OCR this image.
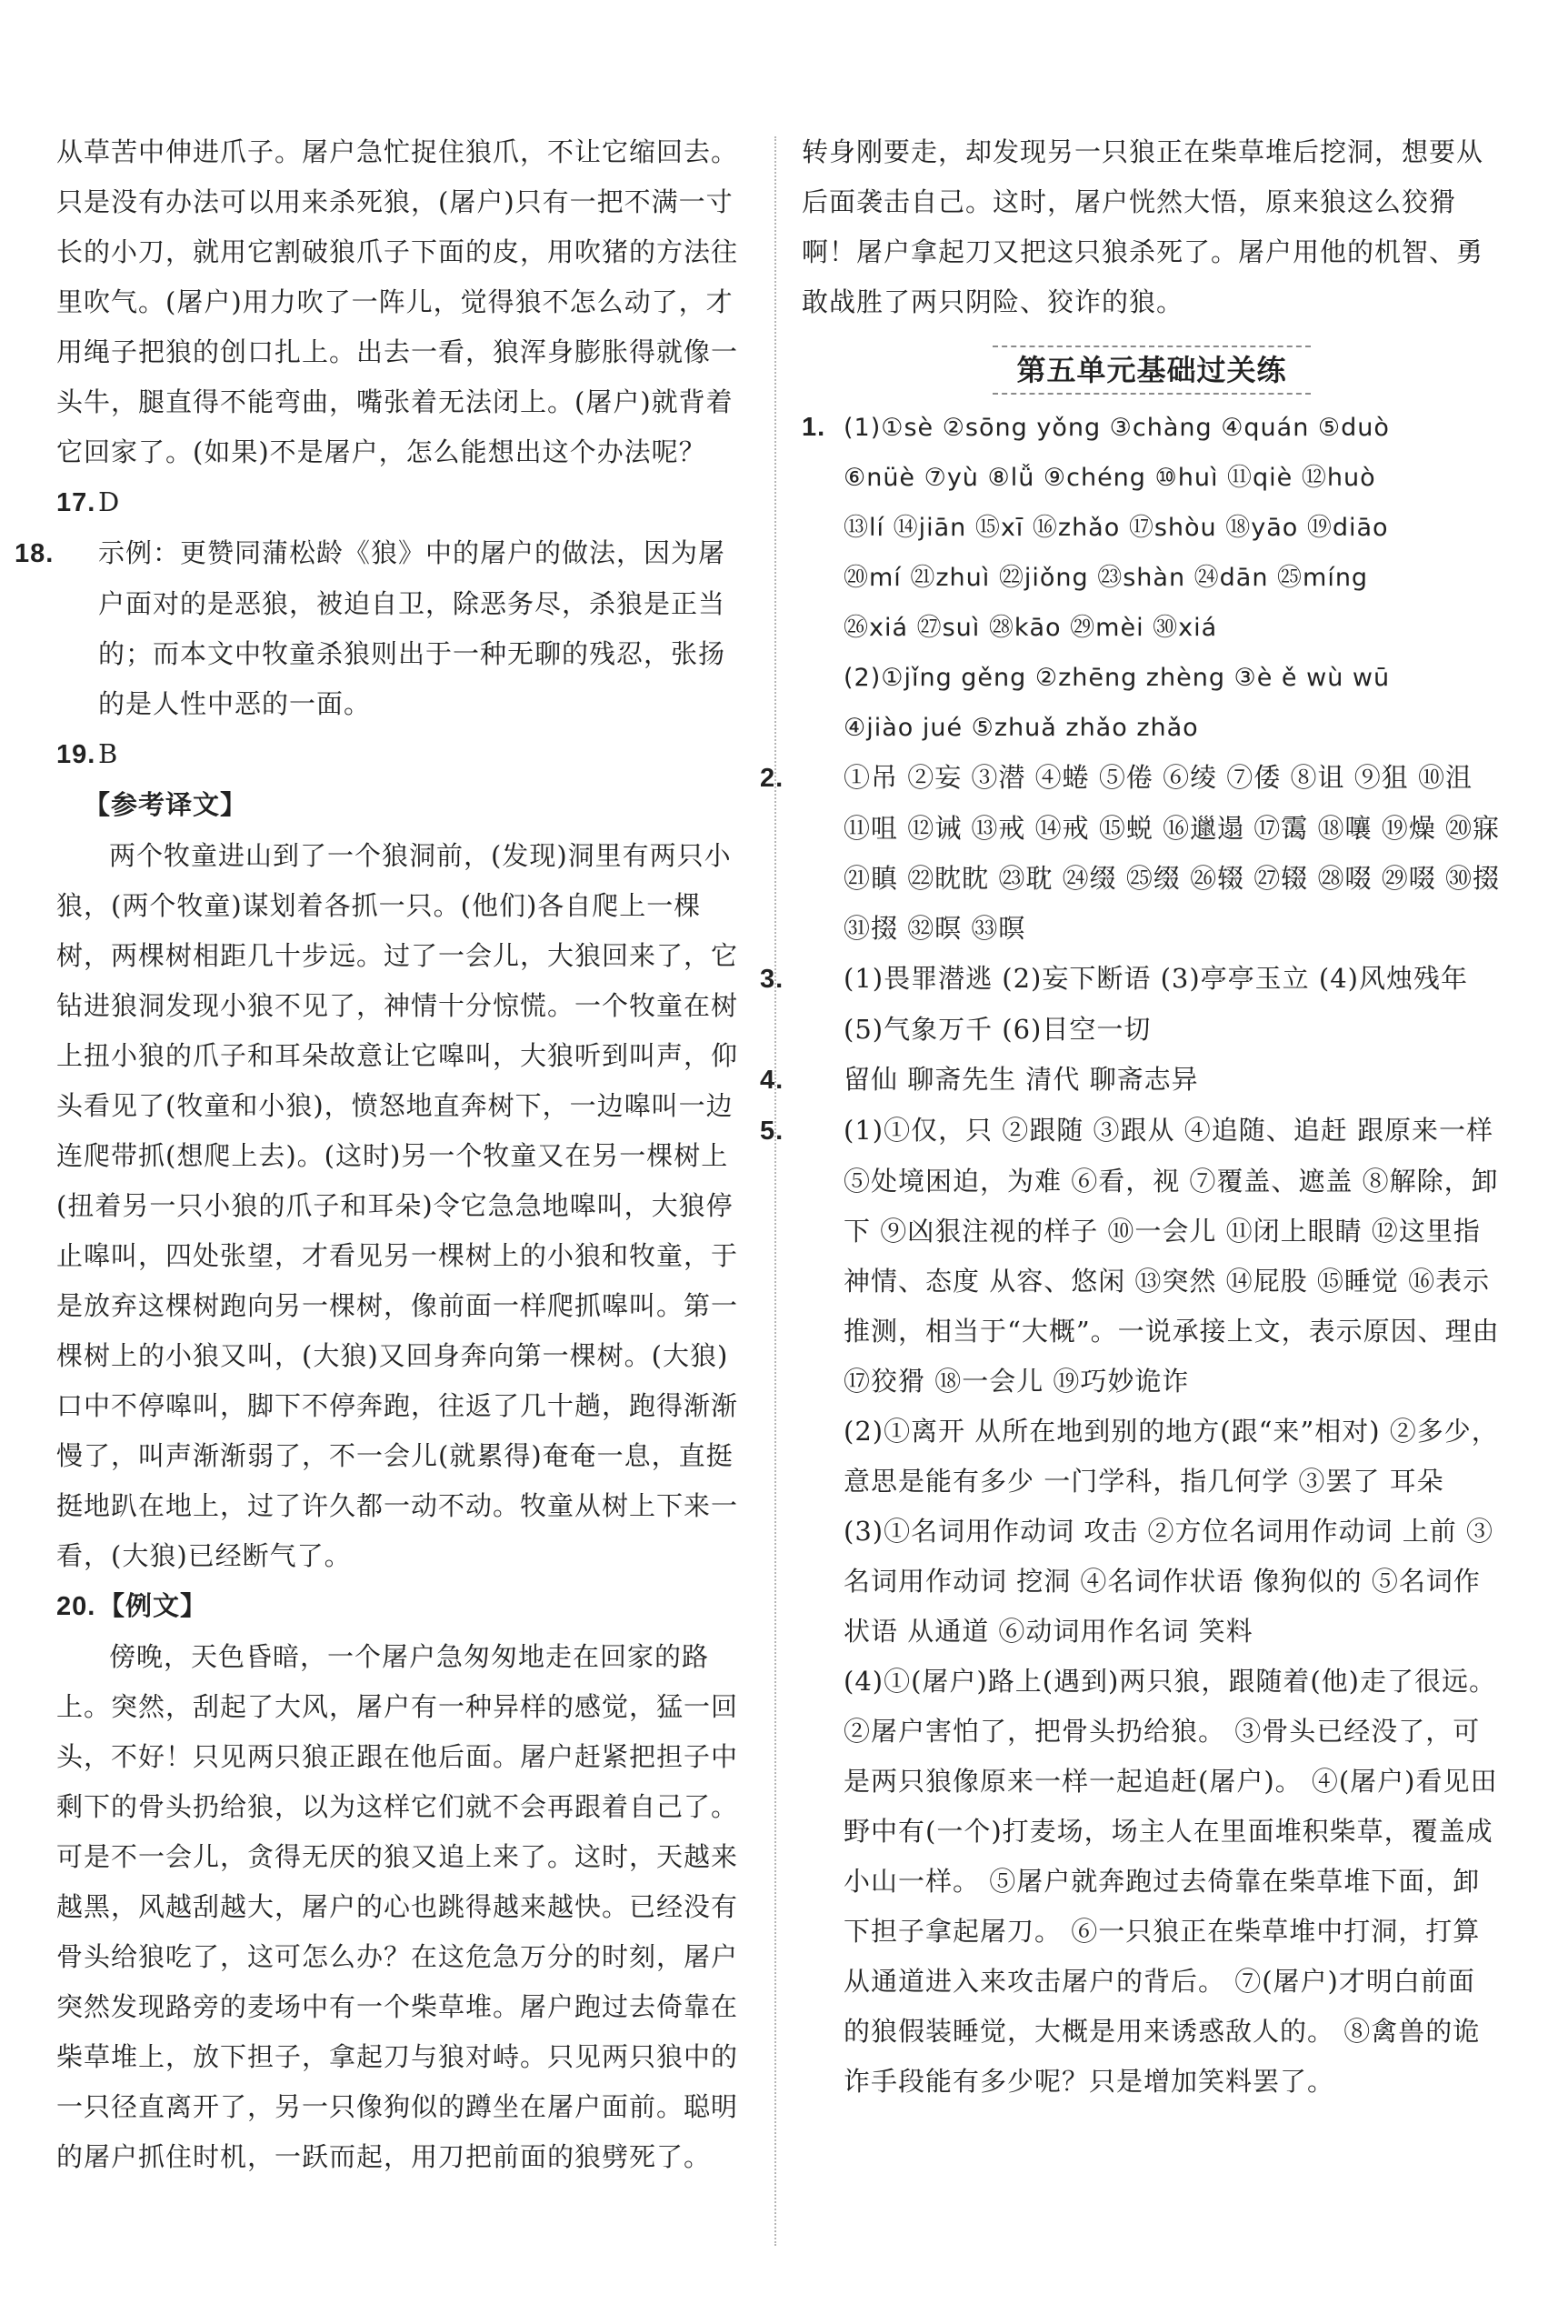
从草苦中伸进爪子。屠户急忙捉住狼爪，不让它缩回去。只是没有办法可以用来杀死狼，(屠户)只有一把不满一寸长的小刀，就用它割破狼爪子下面的皮，用吹猪的方法往里吹气。(屠户)用力吹了一阵儿，觉得狼不怎么动了，才用绳子把狼的创口扎上。出去一看，狼浑身膨胀得就像一头牛，腿直得不能弯曲，嘴张着无法闭上。(屠户)就背着它回家了。(如果)不是屠户，怎么能想出这个办法呢？

17.D

18. 示例：更赞同蒲松龄《狼》中的屠户的做法，因为屠户面对的是恶狼，被迫自卫，除恶务尽，杀狼是正当的；而本文中牧童杀狼则出于一种无聊的残忍，张扬的是人性中恶的一面。

19.B

【参考译文】

两个牧童进山到了一个狼洞前，(发现)洞里有两只小狼，(两个牧童)谋划着各抓一只。(他们)各自爬上一棵树，两棵树相距几十步远。过了一会儿，大狼回来了，它钻进狼洞发现小狼不见了，神情十分惊慌。一个牧童在树上扭小狼的爪子和耳朵故意让它嗥叫，大狼听到叫声，仰头看见了(牧童和小狼)，愤怒地直奔树下，一边嗥叫一边连爬带抓(想爬上去)。(这时)另一个牧童又在另一棵树上(扭着另一只小狼的爪子和耳朵)令它急急地嗥叫，大狼停止嗥叫，四处张望，才看见另一棵树上的小狼和牧童，于是放弃这棵树跑向另一棵树，像前面一样爬抓嗥叫。第一棵树上的小狼又叫，(大狼)又回身奔向第一棵树。(大狼)口中不停嗥叫，脚下不停奔跑，往返了几十趟，跑得渐渐慢了，叫声渐渐弱了，不一会儿(就累得)奄奄一息，直挺挺地趴在地上，过了许久都一动不动。牧童从树上下来一看，(大狼)已经断气了。

20.【例文】

傍晚，天色昏暗，一个屠户急匆匆地走在回家的路上。突然，刮起了大风，屠户有一种异样的感觉，猛一回头，不好！只见两只狼正跟在他后面。屠户赶紧把担子中剩下的骨头扔给狼，以为这样它们就不会再跟着自己了。可是不一会儿，贪得无厌的狼又追上来了。这时，天越来越黑，风越刮越大，屠户的心也跳得越来越快。已经没有骨头给狼吃了，这可怎么办？在这危急万分的时刻，屠户突然发现路旁的麦场中有一个柴草堆。屠户跑过去倚靠在柴草堆上，放下担子，拿起刀与狼对峙。只见两只狼中的一只径直离开了，另一只像狗似的蹲坐在屠户面前。聪明的屠户抓住时机，一跃而起，用刀把前面的狼劈死了。

转身刚要走，却发现另一只狼正在柴草堆后挖洞，想要从后面袭击自己。这时，屠户恍然大悟，原来狼这么狡猾啊！屠户拿起刀又把这只狼杀死了。屠户用他的机智、勇敢战胜了两只阴险、狡诈的狼。

第五单元基础过关练
1. (1)①sè ②sōng yǒng ③chàng ④quán ⑤duò
⑥nüè ⑦yù ⑧lǚ ⑨chéng ⑩huì ⑪qiè ⑫huò
⑬lí ⑭jiān ⑮xī ⑯zhǎo ⑰shòu ⑱yāo ⑲diāo
⑳mí ㉑zhuì ㉒jiǒng ㉓shàn ㉔dān ㉕míng
㉖xiá ㉗suì ㉘kāo ㉙mèi ㉚xiá
(2)①jǐng gěng ②zhēng zhèng ③è ě wù wū
④jiào jué ⑤zhuǎ zhǎo zhǎo

2. ①吊 ②妄 ③潜 ④蜷 ⑤倦 ⑥绫 ⑦倭 ⑧诅 ⑨狙 ⑩沮 ⑪咀 ⑫诫 ⑬戒 ⑭戒 ⑮蜕 ⑯邋遢 ⑰霭 ⑱嚷 ⑲燥 ⑳寐 ㉑瞋 ㉒眈眈 ㉓耽 ㉔缀 ㉕缀 ㉖辍 ㉗辍 ㉘啜 ㉙啜 ㉚掇 ㉛掇 ㉜暝 ㉝暝

3. (1)畏罪潜逃 (2)妄下断语 (3)亭亭玉立 (4)风烛残年 (5)气象万千 (6)目空一切

4. 留仙 聊斋先生 清代 聊斋志异

5. (1)①仅，只 ②跟随 ③跟从 ④追随、追赶 跟原来一样 ⑤处境困迫，为难 ⑥看，视 ⑦覆盖、遮盖 ⑧解除，卸下 ⑨凶狠注视的样子 ⑩一会儿 ⑪闭上眼睛 ⑫这里指神情、态度 从容、悠闲 ⑬突然 ⑭屁股 ⑮睡觉 ⑯表示推测，相当于“大概”。一说承接上文，表示原因、理由 ⑰狡猾 ⑱一会儿 ⑲巧妙诡诈

(2)①离开 从所在地到别的地方(跟“来”相对) ②多少，意思是能有多少 一门学科，指几何学 ③罢了 耳朵

(3)①名词用作动词 攻击 ②方位名词用作动词 上前 ③名词用作动词 挖洞 ④名词作状语 像狗似的 ⑤名词作状语 从通道 ⑥动词用作名词 笑料

(4)①(屠户)路上(遇到)两只狼，跟随着(他)走了很远。②屠户害怕了，把骨头扔给狼。 ③骨头已经没了，可是两只狼像原来一样一起追赶(屠户)。 ④(屠户)看见田野中有(一个)打麦场，场主人在里面堆积柴草，覆盖成小山一样。 ⑤屠户就奔跑过去倚靠在柴草堆下面，卸下担子拿起屠刀。 ⑥一只狼正在柴草堆中打洞，打算从通道进入来攻击屠户的背后。 ⑦(屠户)才明白前面的狼假装睡觉，大概是用来诱惑敌人的。 ⑧禽兽的诡诈手段能有多少呢？只是增加笑料罢了。
